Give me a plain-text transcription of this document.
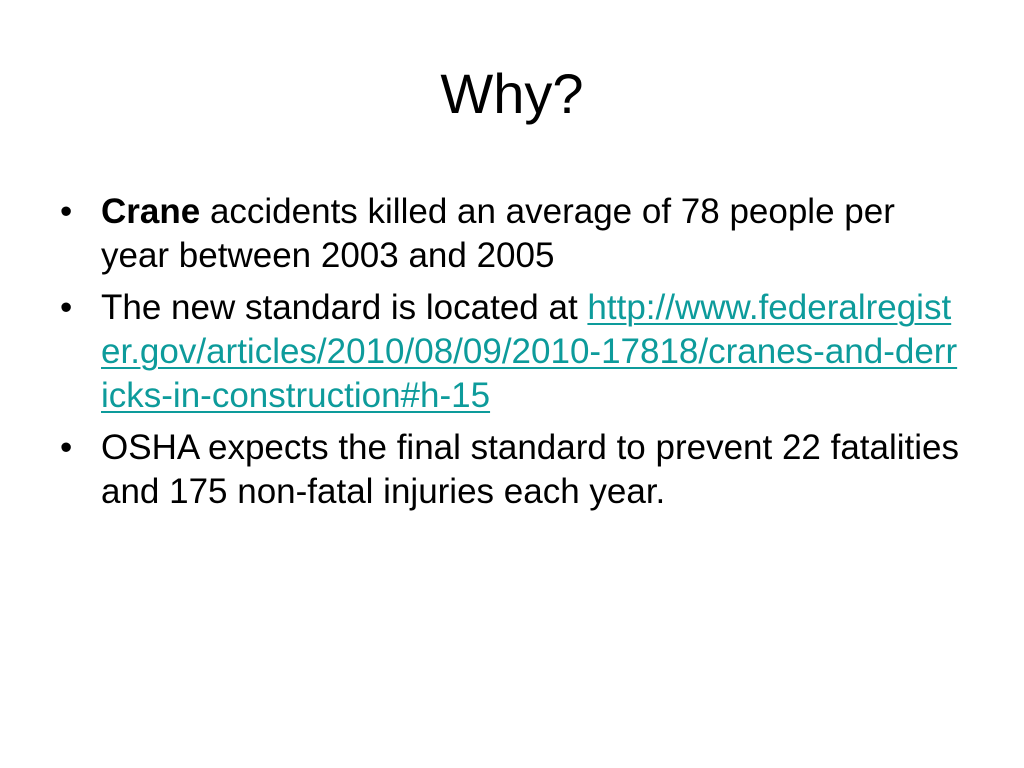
Why?
• Crane accidents killed an average of 78 people per year between 2003 and 2005
• The new standard is located at http://www.federalregister.gov/articles/2010/08/09/2010-17818/cranes-and-derricks-in-construction#h-15
• OSHA expects the final standard to prevent 22 fatalities and 175 non-fatal injuries each year.
